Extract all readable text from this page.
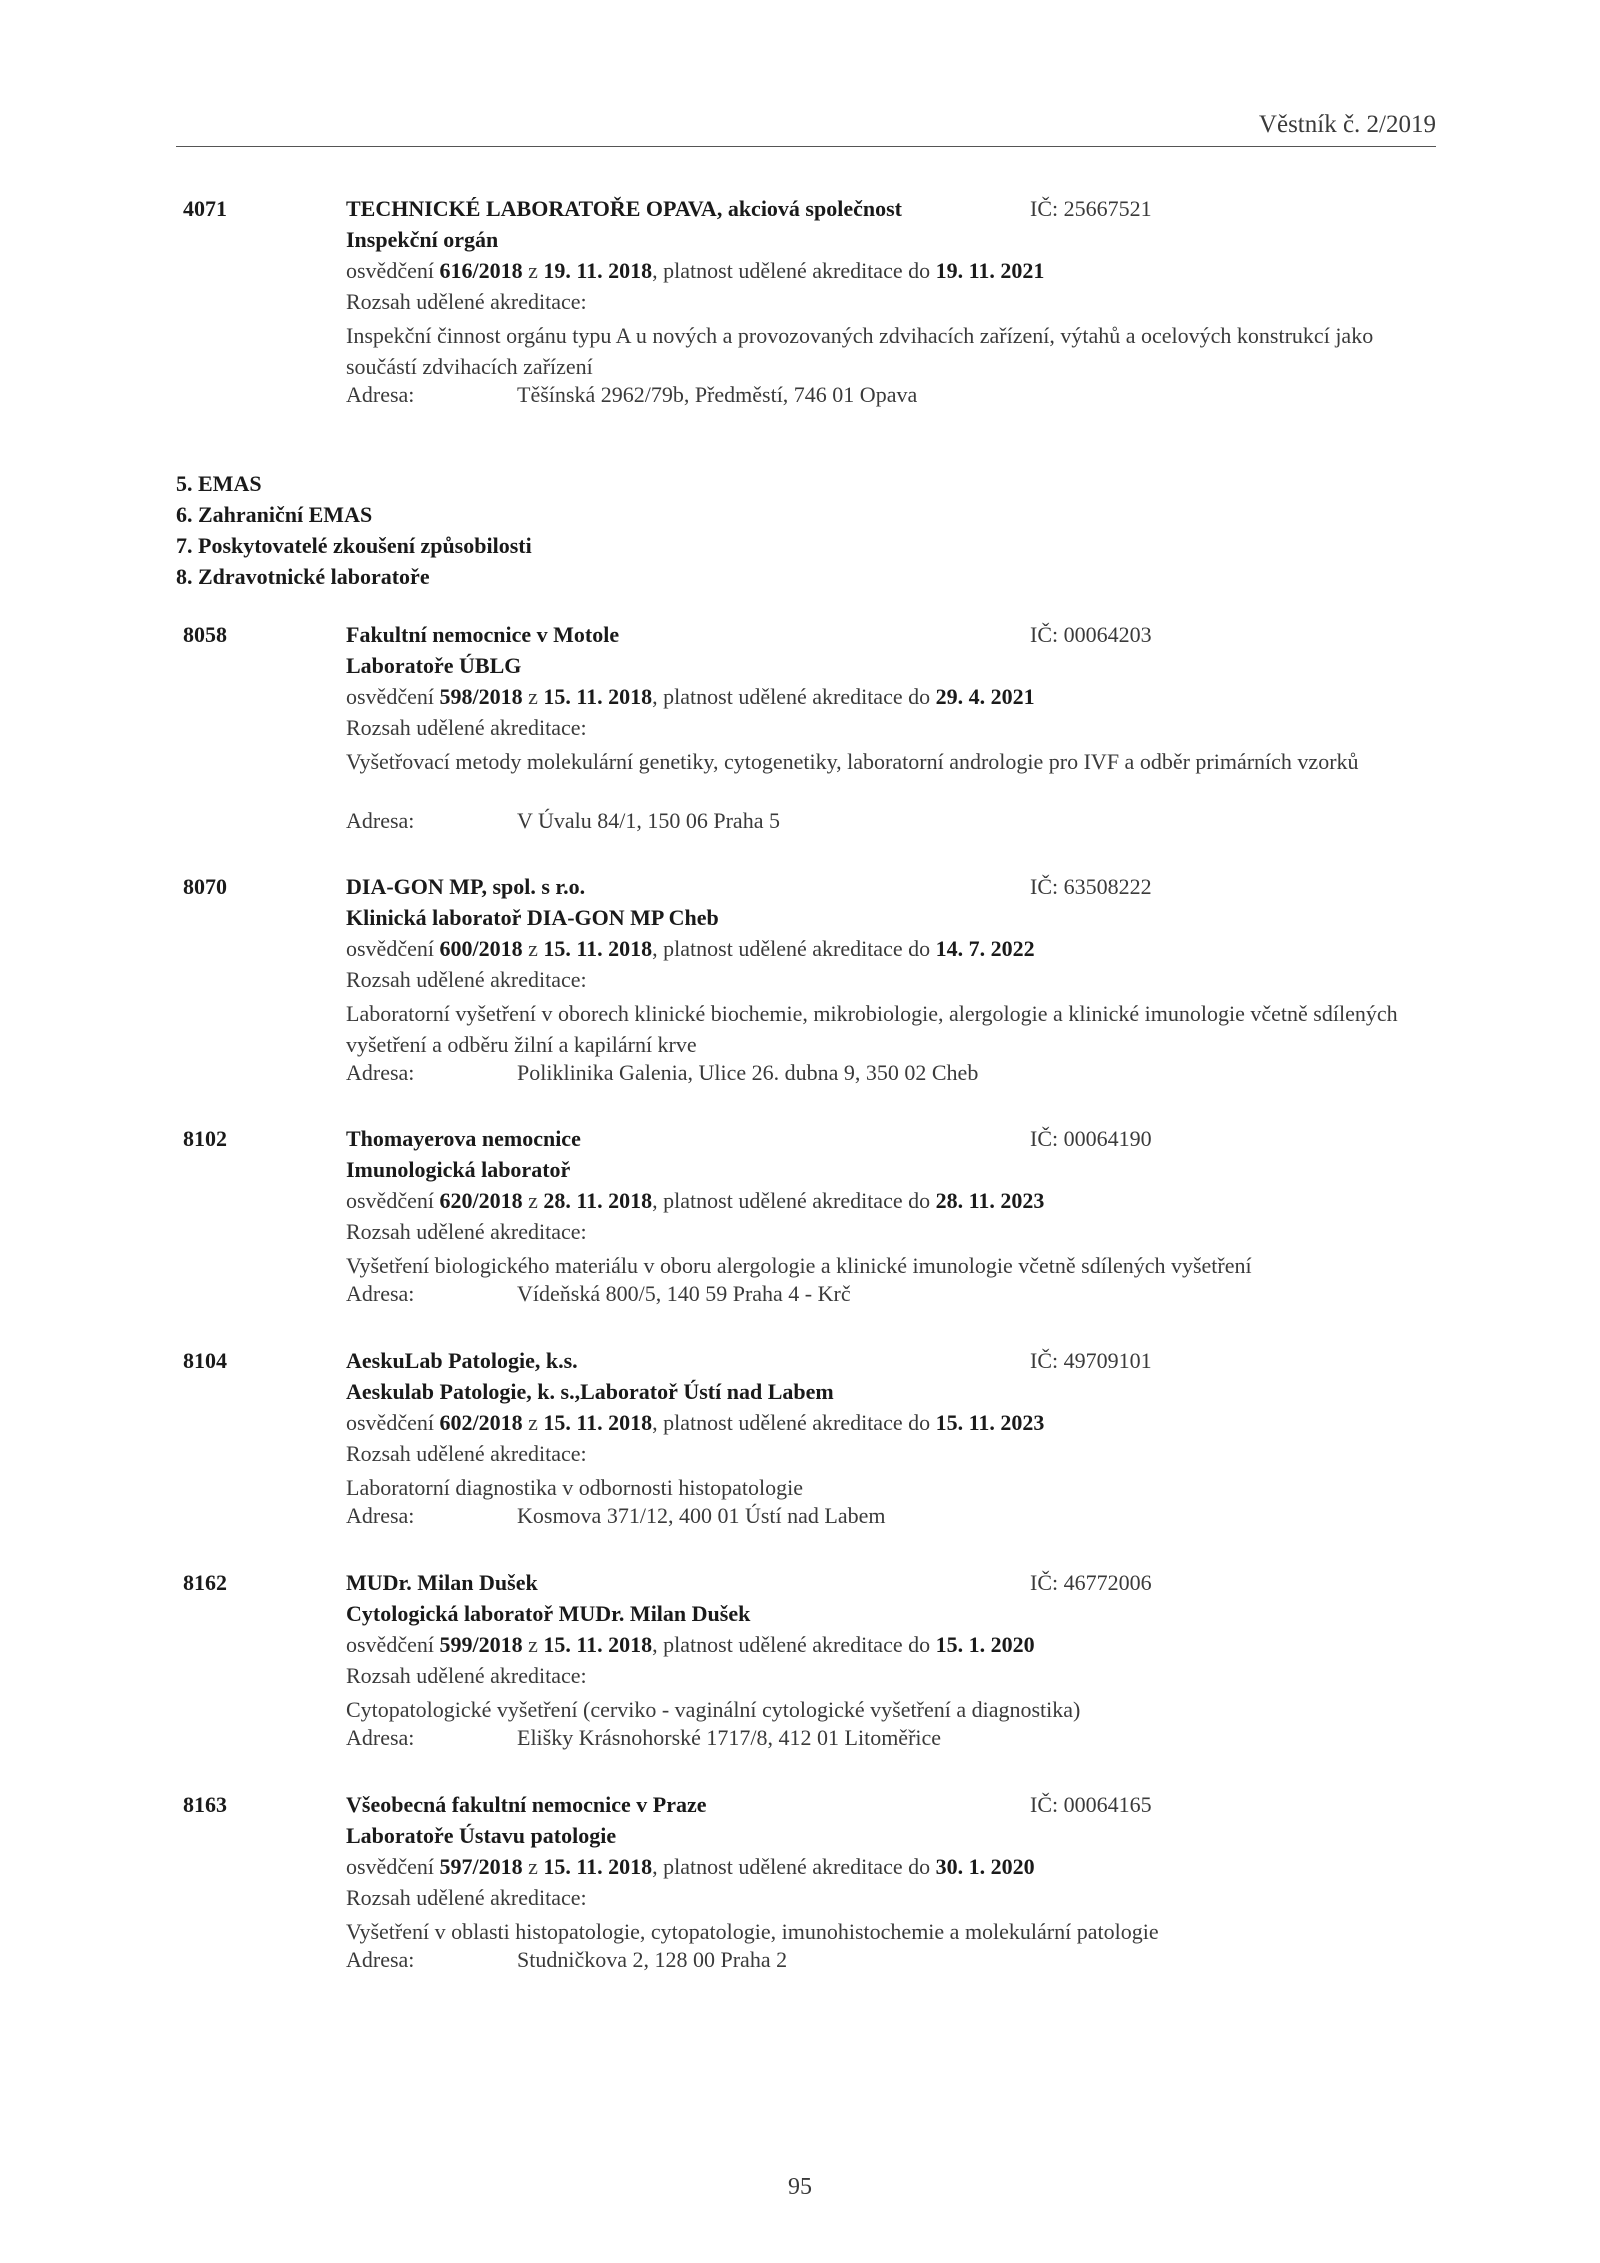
Věstník č. 2/2019
4071	TECHNICKÉ LABORATOŘE OPAVA, akciová společnost	IČ: 25667521
Inspekční orgán
osvědčení 616/2018 z 19. 11. 2018, platnost udělené akreditace do 19. 11. 2021
Rozsah udělené akreditace:
Inspekční činnost orgánu typu A u nových a provozovaných zdvihacích zařízení, výtahů a ocelových konstrukcí jako součástí zdvihacích zařízení
Adresa:	Těšínská 2962/79b, Předměstí, 746 01 Opava
5. EMAS
6. Zahraniční EMAS
7. Poskytovatelé zkoušení způsobilosti
8. Zdravotnické laboratoře
8058	Fakultní nemocnice v Motole	IČ: 00064203
Laboratoře ÚBLG
osvědčení 598/2018 z 15. 11. 2018, platnost udělené akreditace do 29. 4. 2021
Rozsah udělené akreditace:
Vyšetřovací metody molekulární genetiky, cytogenetiky, laboratorní andrologie pro IVF a odběr primárních vzorků
Adresa:	V Úvalu 84/1, 150 06 Praha 5
8070	DIA-GON MP, spol. s r.o.	IČ: 63508222
Klinická laboratoř DIA-GON MP Cheb
osvědčení 600/2018 z 15. 11. 2018, platnost udělené akreditace do 14. 7. 2022
Rozsah udělené akreditace:
Laboratorní vyšetření v oborech klinické biochemie, mikrobiologie, alergologie a klinické imunologie včetně sdílených vyšetření a odběru žilní a kapilární krve
Adresa:	Poliklinika Galenia, Ulice 26. dubna 9, 350 02 Cheb
8102	Thomayerova nemocnice	IČ: 00064190
Imunologická laboratoř
osvědčení 620/2018 z 28. 11. 2018, platnost udělené akreditace do 28. 11. 2023
Rozsah udělené akreditace:
Vyšetření biologického materiálu v oboru alergologie a klinické imunologie včetně sdílených vyšetření
Adresa:	Vídeňská 800/5, 140 59 Praha 4 - Krč
8104	AeskuLab Patologie, k.s.	IČ: 49709101
Aeskulab Patologie, k. s.,Laboratoř Ústí nad Labem
osvědčení 602/2018 z 15. 11. 2018, platnost udělené akreditace do 15. 11. 2023
Rozsah udělené akreditace:
Laboratorní diagnostika v odbornosti histopatologie
Adresa:	Kosmova 371/12, 400 01 Ústí nad Labem
8162	MUDr. Milan Dušek	IČ: 46772006
Cytologická laboratoř MUDr. Milan Dušek
osvědčení 599/2018 z 15. 11. 2018, platnost udělené akreditace do 15. 1. 2020
Rozsah udělené akreditace:
Cytopatologické vyšetření (cerviko - vaginální cytologické vyšetření a diagnostika)
Adresa:	Elišky Krásnohorské 1717/8, 412 01 Litoměřice
8163	Všeobecná fakultní nemocnice v Praze	IČ: 00064165
Laboratoře Ústavu patologie
osvědčení 597/2018 z 15. 11. 2018, platnost udělené akreditace do 30. 1. 2020
Rozsah udělené akreditace:
Vyšetření v oblasti histopatologie, cytopatologie, imunohistochemie a molekulární patologie
Adresa:	Studničkova 2, 128 00 Praha 2
95
